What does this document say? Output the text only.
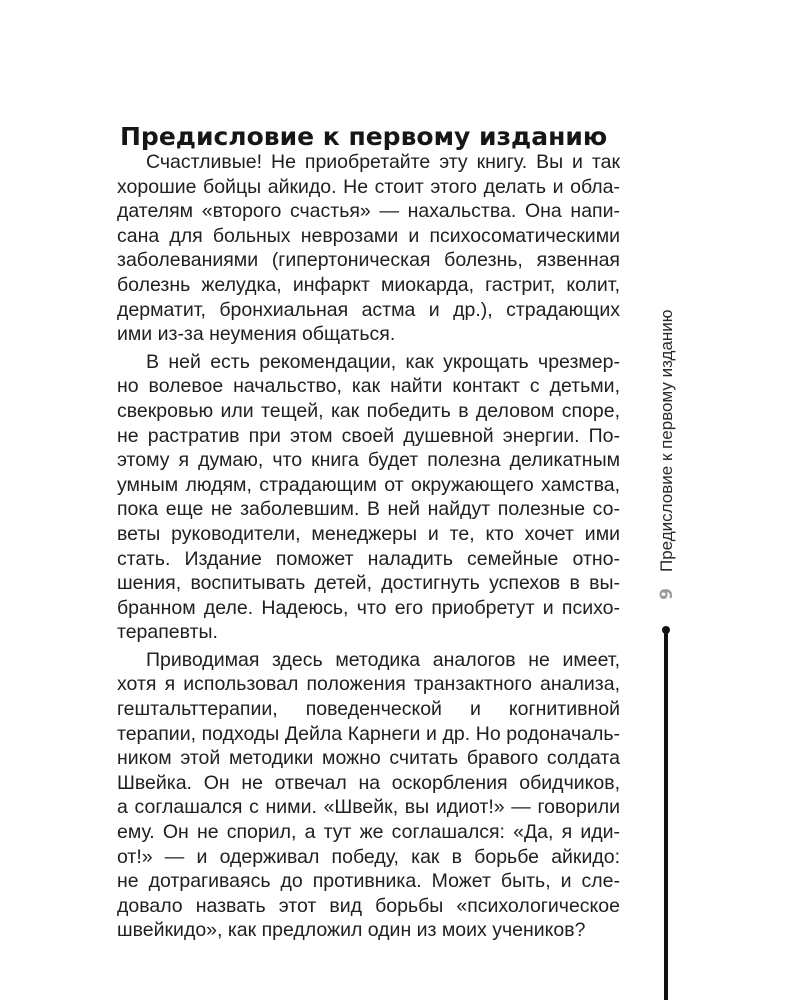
Предисловие к первому изданию
Счастливые! Не приобретайте эту книгу. Вы и так
хорошие бойцы айкидо. Не стоит этого делать и обла-
дателям «второго счастья» — нахальства. Она напи-
сана для больных неврозами и психосоматическими
заболеваниями (гипертоническая болезнь, язвенная
болезнь желудка, инфаркт миокарда, гастрит, колит,
дерматит, бронхиальная астма и др.), страдающих
ими из-за неумения общаться.
В ней есть рекомендации, как укрощать чрезмер-
но волевое начальство, как найти контакт с детьми,
свекровью или тещей, как победить в деловом споре,
не растратив при этом своей душевной энергии. По-
этому я думаю, что книга будет полезна деликатным
умным людям, страдающим от окружающего хамства,
пока еще не заболевшим. В ней найдут полезные со-
веты руководители, менеджеры и те, кто хочет ими
стать. Издание поможет наладить семейные отно-
шения, воспитывать детей, достигнуть успехов в вы-
бранном деле. Надеюсь, что его приобретут и психо-
терапевты.
Приводимая здесь методика аналогов не имеет,
хотя я использовал положения транзактного анализа,
гештальттерапии, поведенческой и когнитивной
терапии, подходы Дейла Карнеги и др. Но родоначаль-
ником этой методики можно считать бравого солдата
Швейка. Он не отвечал на оскорбления обидчиков,
а соглашался с ними. «Швейк, вы идиот!» — говорили
ему. Он не спорил, а тут же соглашался: «Да, я иди-
от!» — и одерживал победу, как в борьбе айкидо:
не дотрагиваясь до противника. Может быть, и сле-
довало назвать этот вид борьбы «психологическое
швейкидо», как предложил один из моих учеников?
Предисловие к первому изданию
9
